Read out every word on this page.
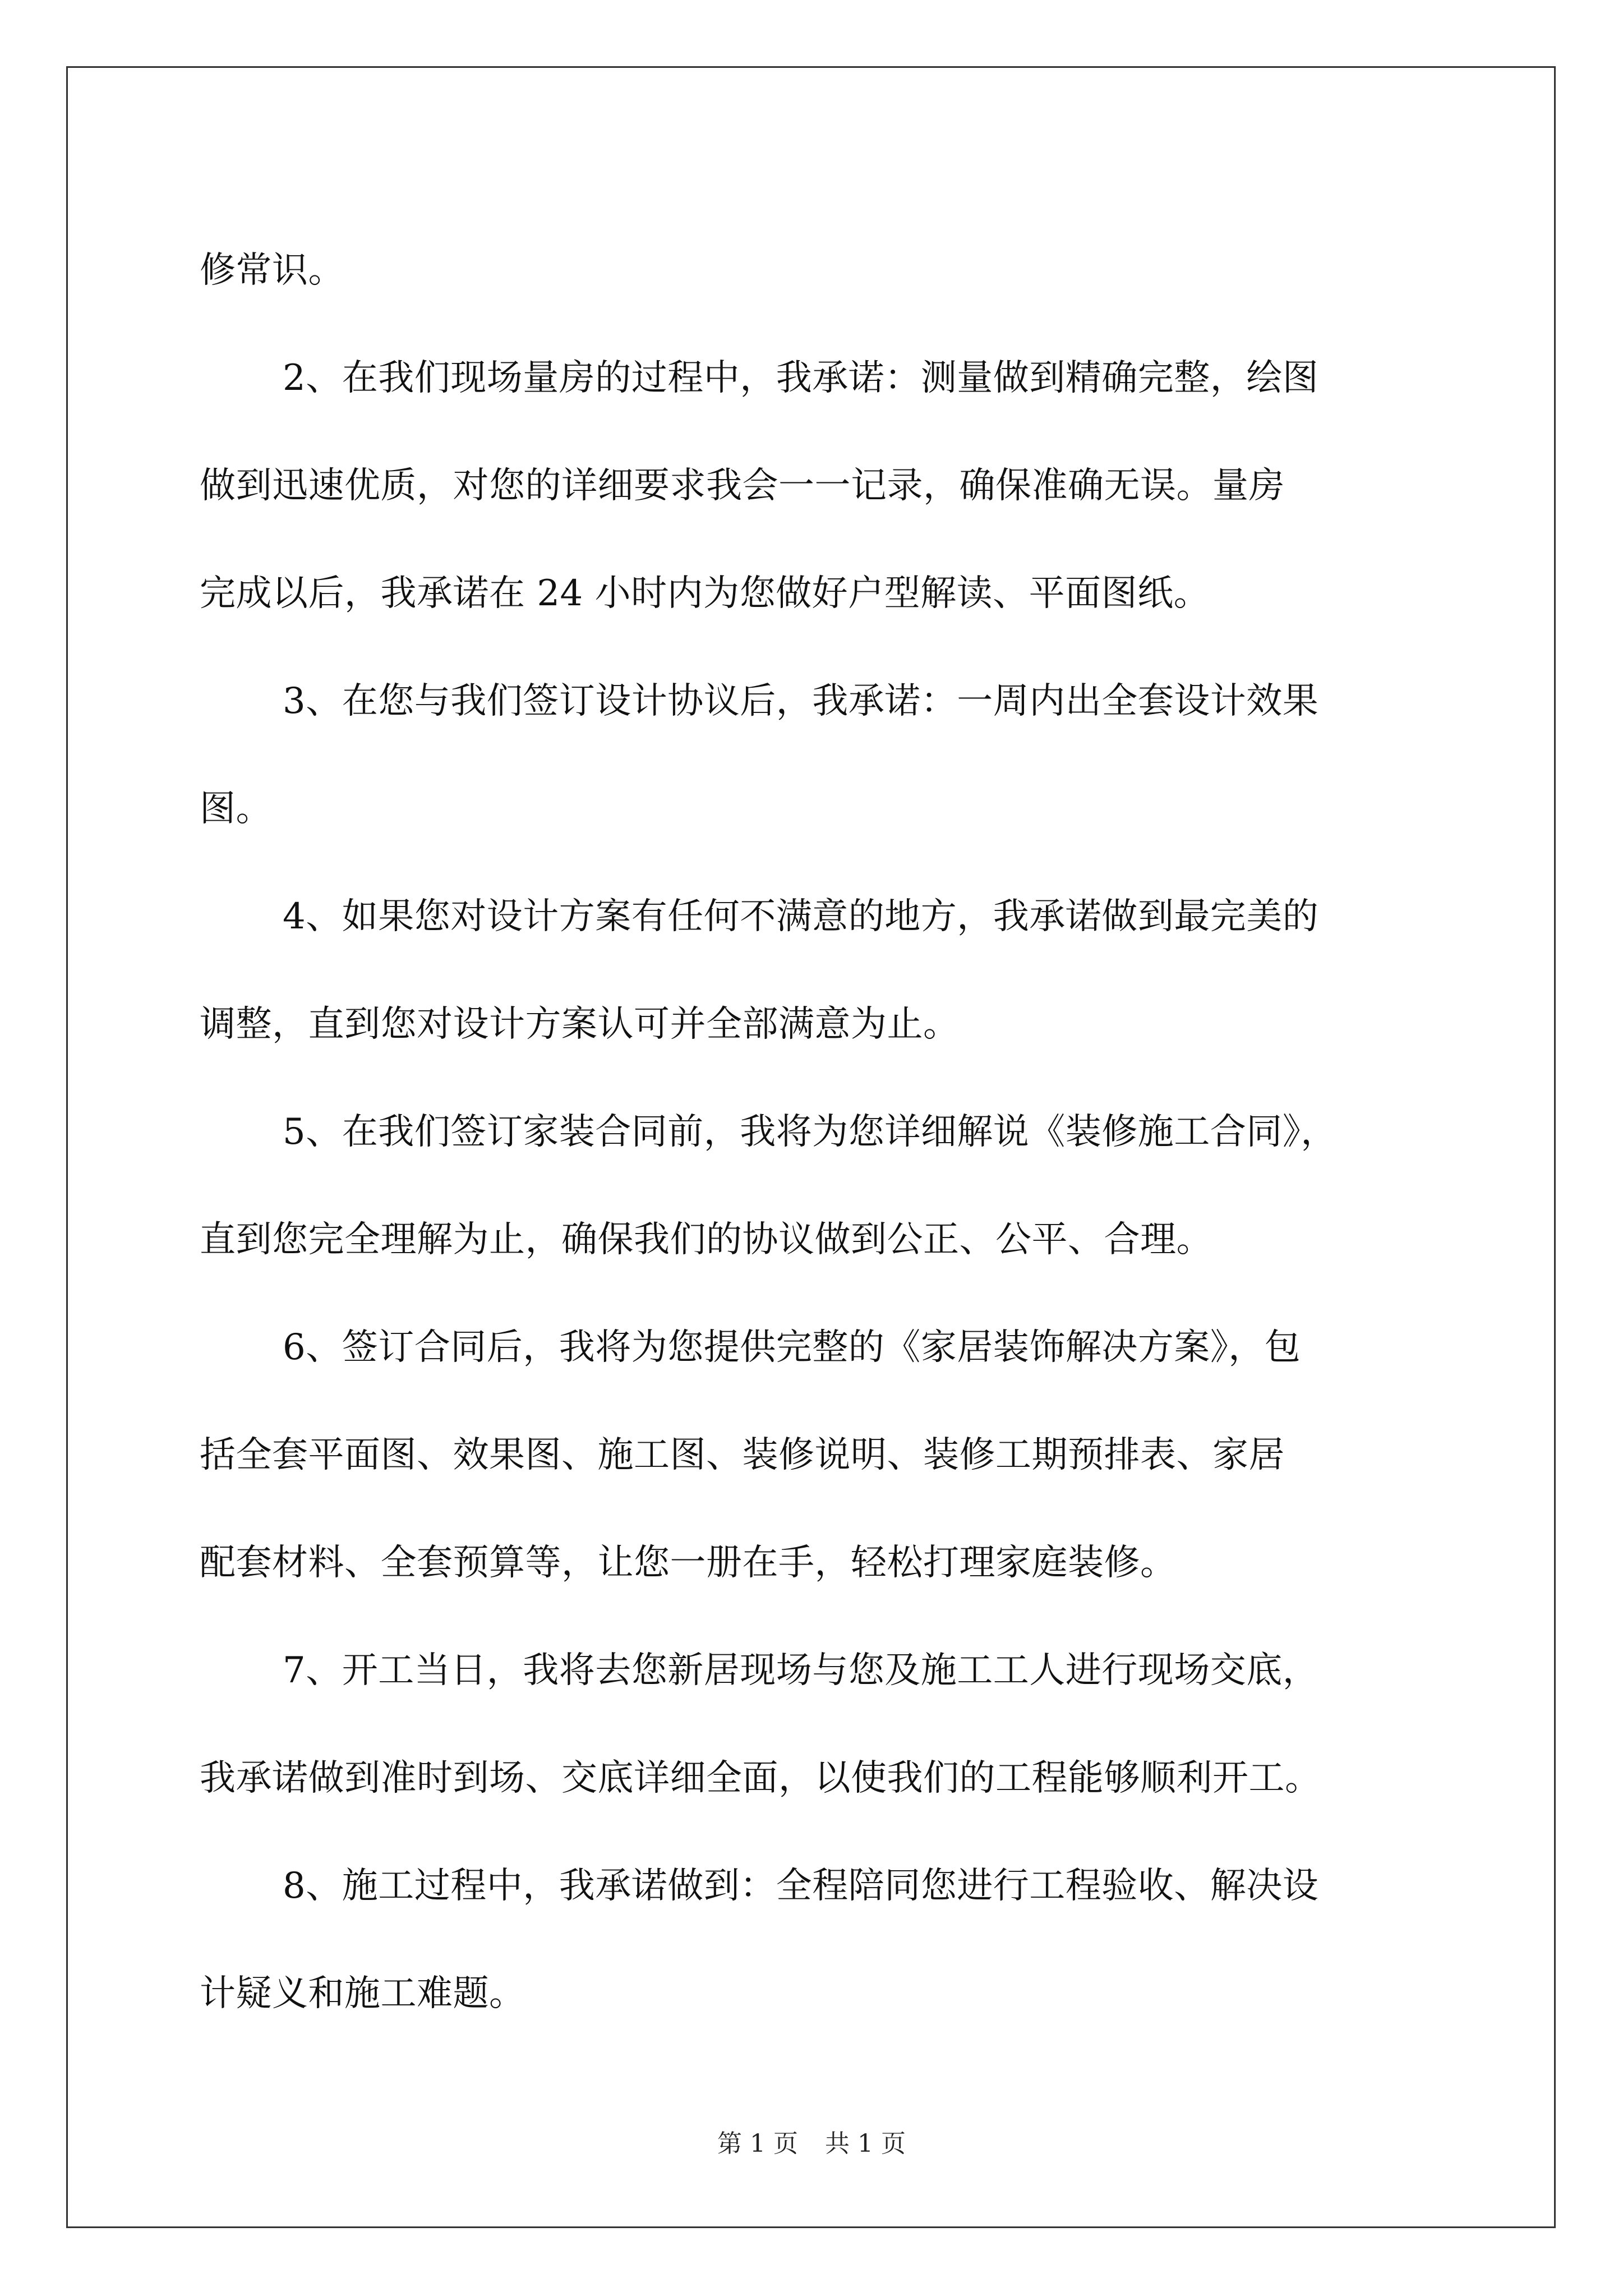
修常识。
2、在我们现场量房的过程中，我承诺：测量做到精确完整，绘图
做到迅速优质，对您的详细要求我会一一记录，确保准确无误。量房
完成以后，我承诺在 24 小时内为您做好户型解读、平面图纸。
3、在您与我们签订设计协议后，我承诺：一周内出全套设计效果
图。
4、如果您对设计方案有任何不满意的地方，我承诺做到最完美的
调整，直到您对设计方案认可并全部满意为止。
5、在我们签订家装合同前，我将为您详细解说《装修施工合同》，
直到您完全理解为止，确保我们的协议做到公正、公平、合理。
6、签订合同后，我将为您提供完整的《家居装饰解决方案》，包
括全套平面图、效果图、施工图、装修说明、装修工期预排表、家居
配套材料、全套预算等，让您一册在手，轻松打理家庭装修。
7、开工当日，我将去您新居现场与您及施工工人进行现场交底，
我承诺做到准时到场、交底详细全面，以使我们的工程能够顺利开工。
8、施工过程中，我承诺做到：全程陪同您进行工程验收、解决设
计疑义和施工难题。

第 1 页 共 1 页
